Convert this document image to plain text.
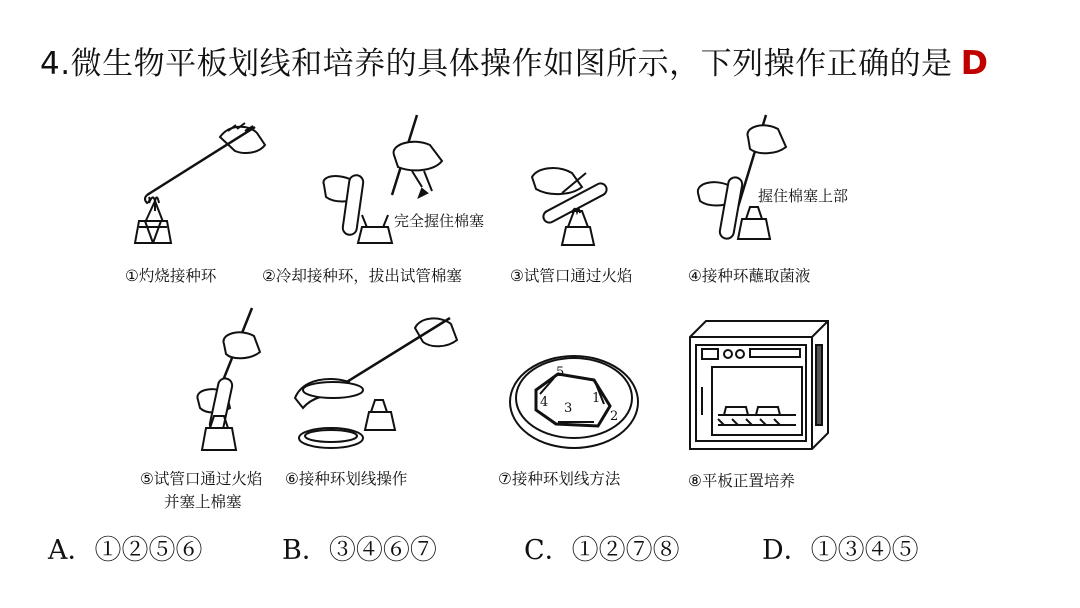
4.微生物平板划线和培养的具体操作如图所示，下列操作正确的是 D
①灼烧接种环
完全握住棉塞
②冷却接种环，拔出试管棉塞	③试管口通过火焰
握住棉塞上部
④接种环蘸取菌液
⑤试管口通过火焰
并塞上棉塞
⑥接种环划线操作
5
4 3
1
2
⑦接种环划线方法	⑧平板正置培养
A．①②⑤⑥	B．③④⑥⑦	C．①②⑦⑧	D．①③④⑤
